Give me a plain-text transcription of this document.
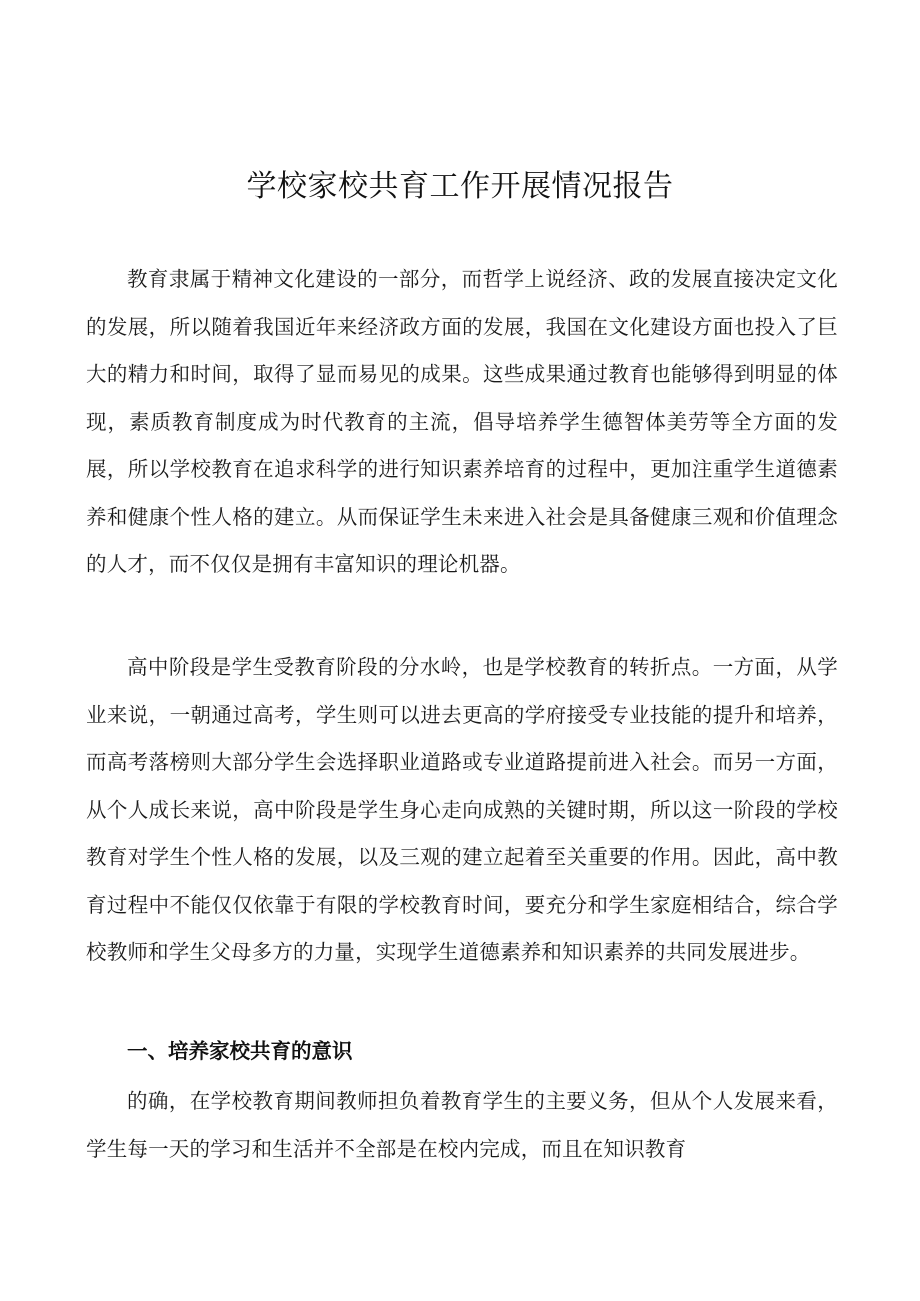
学校家校共育工作开展情况报告

教育隶属于精神文化建设的一部分，而哲学上说经济、政的发展直接决定文化的发展，所以随着我国近年来经济政方面的发展，我国在文化建设方面也投入了巨大的精力和时间，取得了显而易见的成果。这些成果通过教育也能够得到明显的体现，素质教育制度成为时代教育的主流，倡导培养学生德智体美劳等全方面的发展，所以学校教育在追求科学的进行知识素养培育的过程中，更加注重学生道德素养和健康个性人格的建立。从而保证学生未来进入社会是具备健康三观和价值理念的人才，而不仅仅是拥有丰富知识的理论机器。

高中阶段是学生受教育阶段的分水岭，也是学校教育的转折点。一方面，从学业来说，一朝通过高考，学生则可以进去更高的学府接受专业技能的提升和培养，而高考落榜则大部分学生会选择职业道路或专业道路提前进入社会。而另一方面，从个人成长来说，高中阶段是学生身心走向成熟的关键时期，所以这一阶段的学校教育对学生个性人格的发展，以及三观的建立起着至关重要的作用。因此，高中教育过程中不能仅仅依靠于有限的学校教育时间，要充分和学生家庭相结合，综合学校教师和学生父母多方的力量，实现学生道德素养和知识素养的共同发展进步。

一、培养家校共育的意识

的确，在学校教育期间教师担负着教育学生的主要义务，但从个人发展来看，学生每一天的学习和生活并不全部是在校内完成，而且在知识教育
